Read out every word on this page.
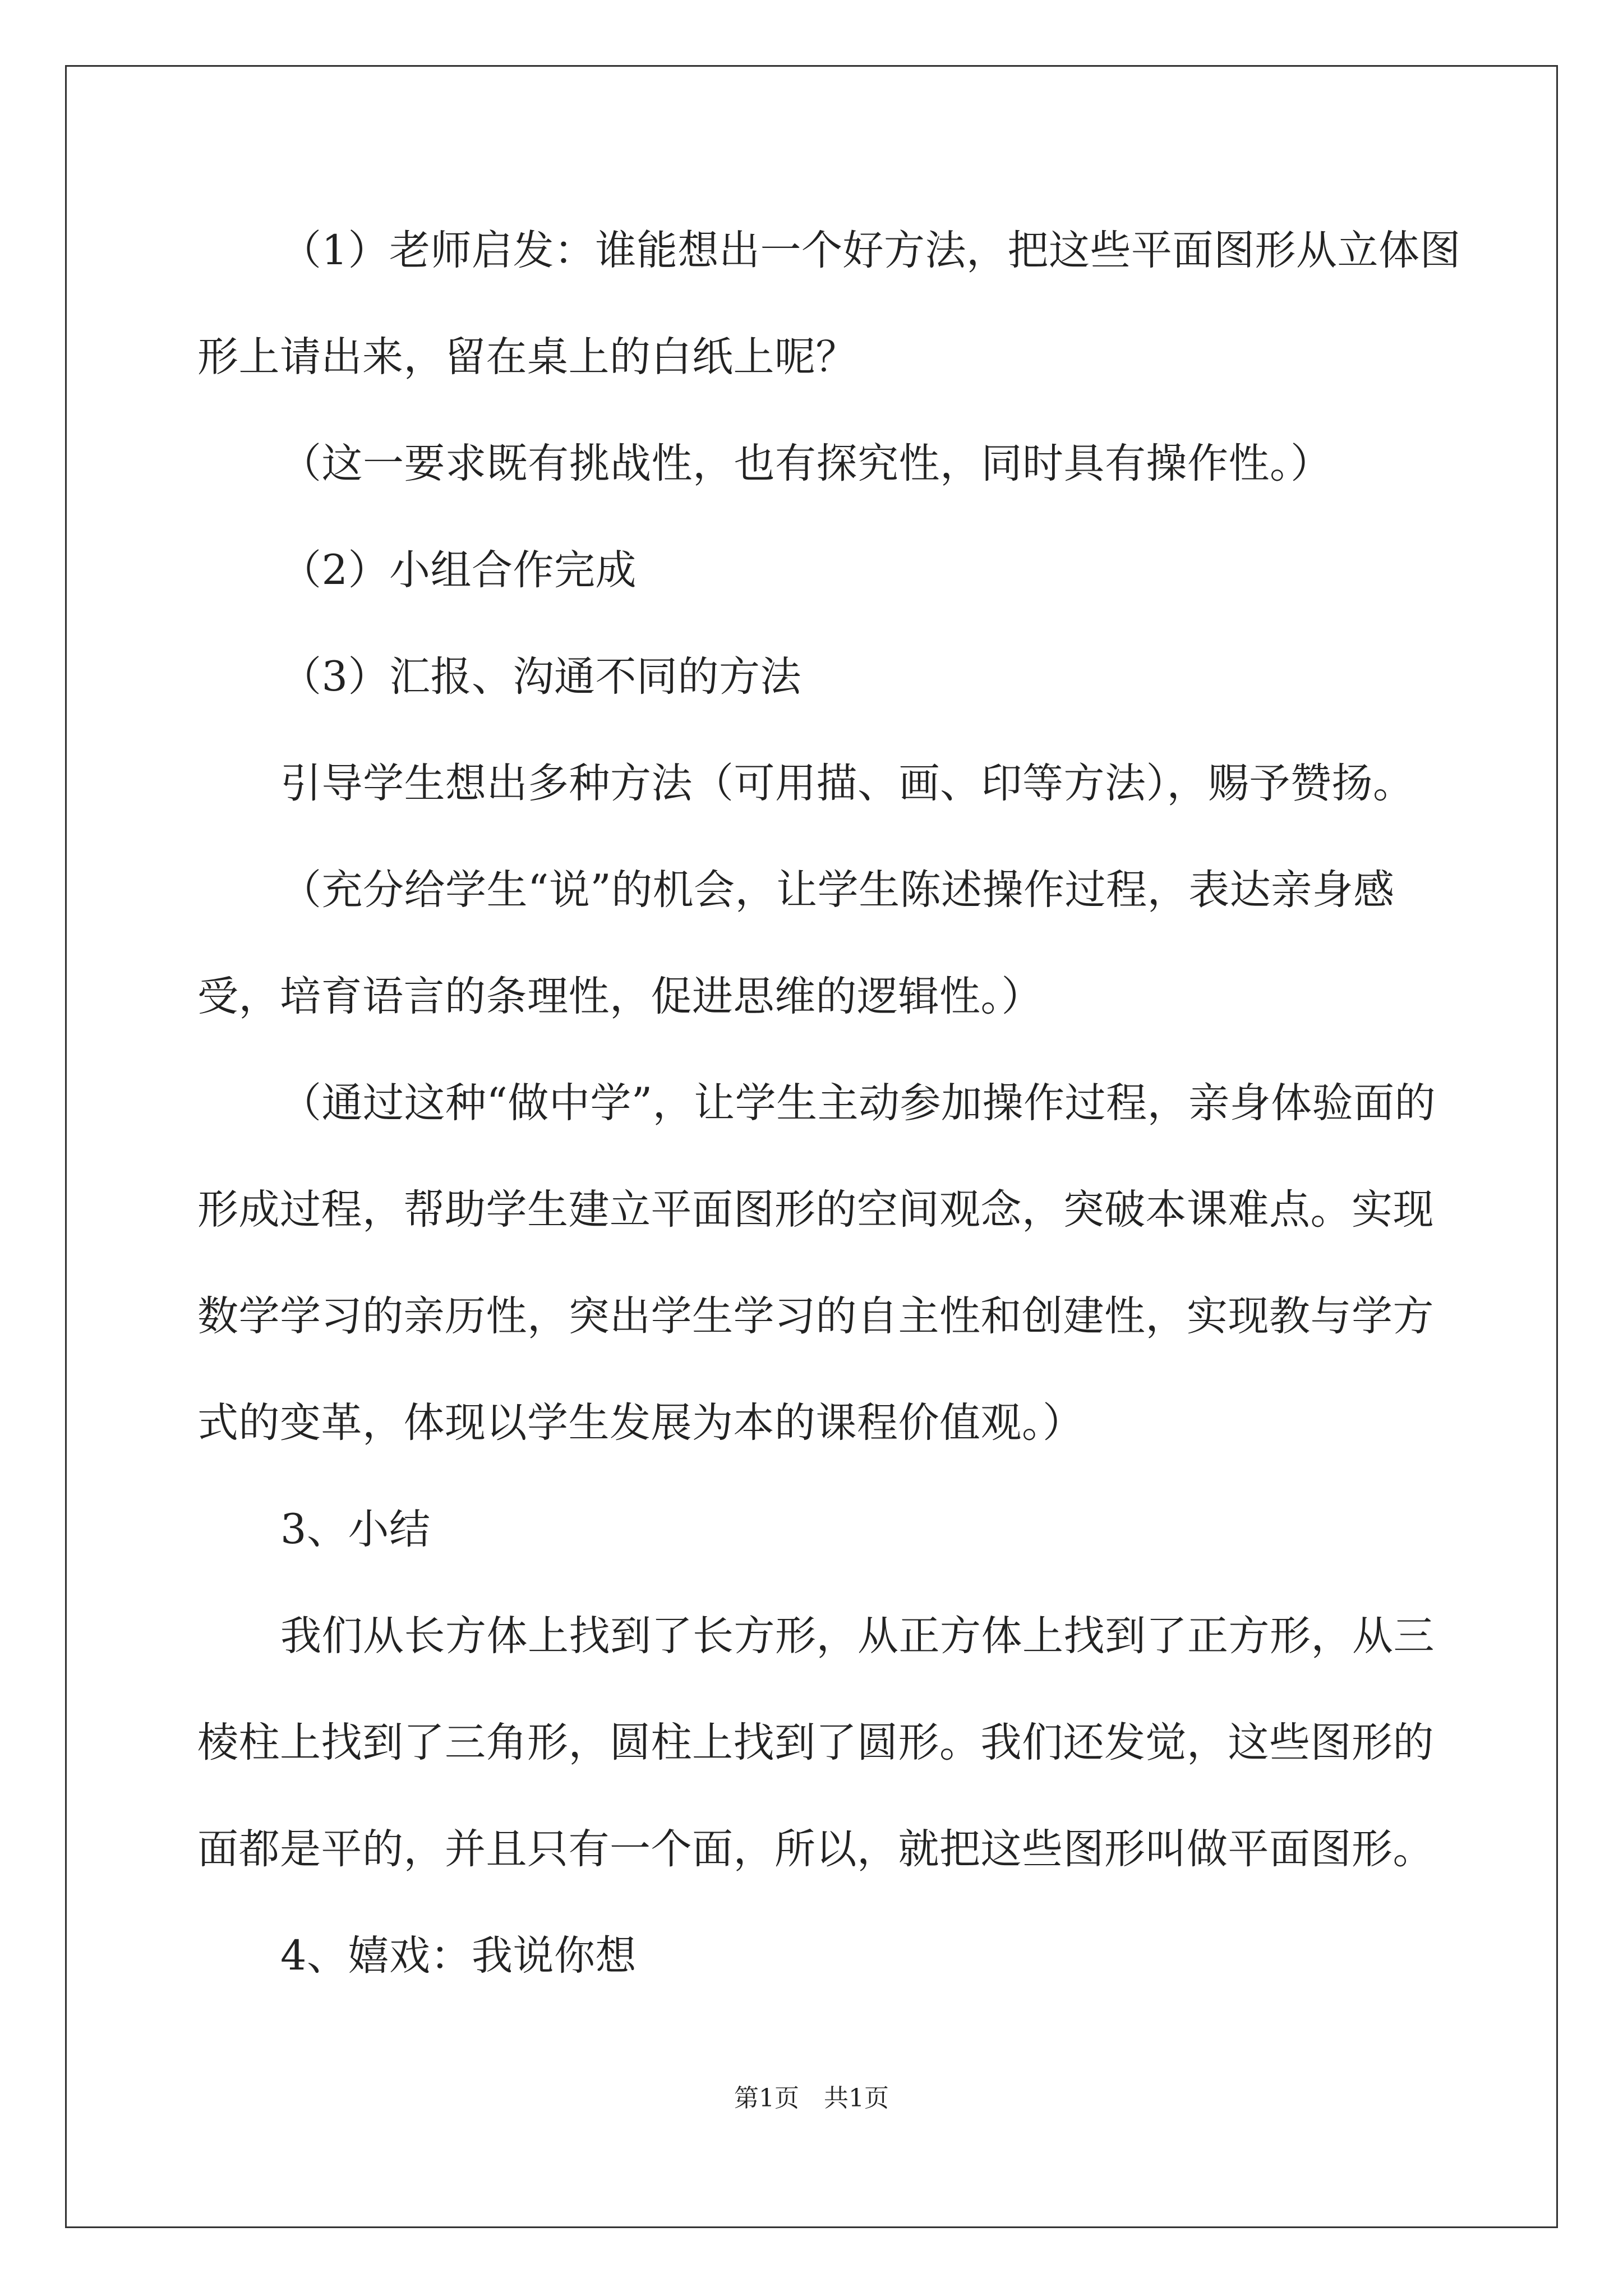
（1）老师启发：谁能想出一个好方法，把这些平面图形从立体图
形上请出来，留在桌上的白纸上呢？
（这一要求既有挑战性，也有探究性，同时具有操作性。）
（2）小组合作完成
（3）汇报、沟通不同的方法
引导学生想出多种方法（可用描、画、印等方法），赐予赞扬。
（充分给学生“说”的机会，让学生陈述操作过程，表达亲身感
受，培育语言的条理性，促进思维的逻辑性。）
（通过这种“做中学”，让学生主动参加操作过程，亲身体验面的
形成过程，帮助学生建立平面图形的空间观念，突破本课难点。实现
数学学习的亲历性，突出学生学习的自主性和创建性，实现教与学方
式的变革，体现以学生发展为本的课程价值观。）
3、小结
我们从长方体上找到了长方形，从正方体上找到了正方形，从三
棱柱上找到了三角形，圆柱上找到了圆形。我们还发觉，这些图形的
面都是平的，并且只有一个面，所以，就把这些图形叫做平面图形。
4、嬉戏：我说你想
第1页　共1页
